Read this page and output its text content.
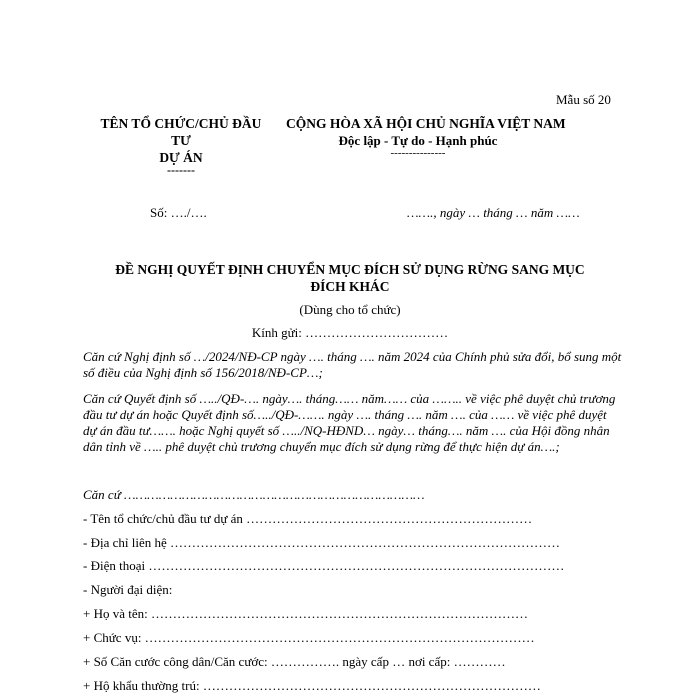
Mẫu số 20
TÊN TỔ CHỨC/CHỦ ĐẦU
TƯ
DỰ ÁN
-------
CỘNG HÒA XÃ HỘI CHỦ NGHĨA VIỆT NAM
Độc lập - Tự do - Hạnh phúc
---------------
Số: …./….	……., ngày … tháng … năm ……
ĐỀ NGHỊ QUYẾT ĐỊNH CHUYỂN MỤC ĐÍCH SỬ DỤNG RỪNG SANG MỤC
ĐÍCH KHÁC
(Dùng cho tổ chức)
Kính gửi: ……………………………
Căn cứ Nghị định số …/2024/NĐ-CP ngày …. tháng …. năm 2024 của Chính phủ sửa đổi, bổ sung một số điều của Nghị định số 156/2018/NĐ-CP…;
Căn cứ Quyết định số …../QĐ-…. ngày…. tháng…… năm…… của …….. về việc phê duyệt chủ trương đầu tư dự án hoặc Quyết định số…../QĐ-……. ngày …. tháng …. năm …. của …… về việc phê duyệt dự án đầu tư……. hoặc Nghị quyết số …../NQ-HĐND… ngày… tháng…. năm …. của Hội đồng nhân dân tỉnh về ….. phê duyệt chủ trương chuyển mục đích sử dụng rừng để thực hiện dự án….;
Căn cứ ……………………………………………………………………
- Tên tổ chức/chủ đầu tư dự án …………………………………………………………
- Địa chỉ liên hệ ………………………………………………………………………………
- Điện thoại ……………………………………………………………………………………
- Người đại diện:
+ Họ và tên: ……………………………………………………………………………
+ Chức vụ: ………………………………………………………………………………
+ Số Căn cước công dân/Căn cước: ……………. ngày cấp … nơi cấp: …………
+ Hộ khẩu thường trú: ……………………………………………………………………
